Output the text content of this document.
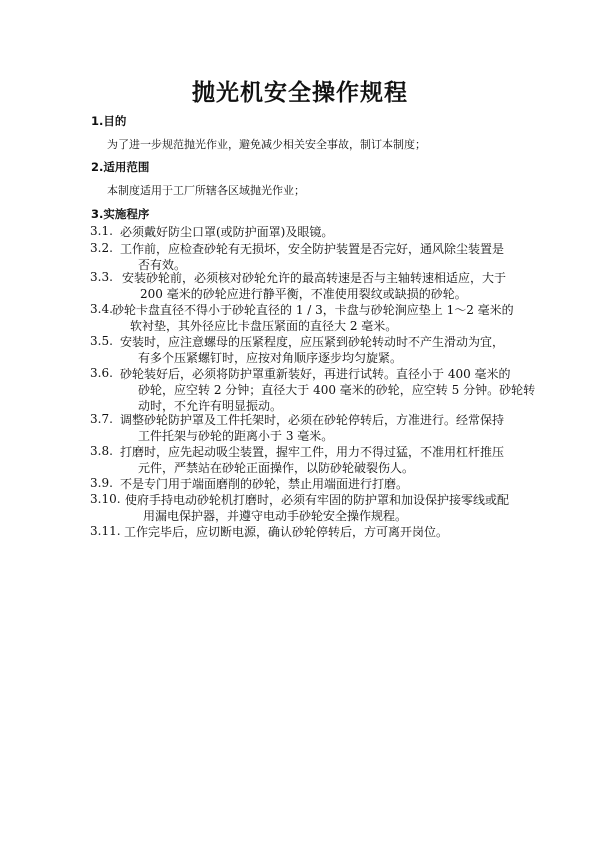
抛光机安全操作规程
1.目的
为了进一步规范抛光作业，避免减少相关安全事故，制订本制度；
2.适用范围
本制度适用于工厂所辖各区域抛光作业；
3.实施程序
3.1. 必须戴好防尘口罩(或防护面罩)及眼镜。
3.2. 工作前，应检查砂轮有无损坏，安全防护装置是否完好，通风除尘装置是
否有效。
3.3. 安装砂轮前，必须核对砂轮允许的最高转速是否与主轴转速相适应，大于
200 毫米的砂轮应进行静平衡，不准使用裂纹或缺损的砂轮。
3.4. 砂轮卡盘直径不得小于砂轮直径的 1 / 3，卡盘与砂轮涧应垫上 1～2 毫米的
软衬垫，其外径应比卡盘压紧面的直径大 2 毫米。
3.5. 安装时，应注意螺母的压紧程度，应压紧到砂轮转动时不产生滑动为宜，
有多个压紧螺钉时，应按对角顺序逐步均匀旋紧。
3.6. 砂轮装好后，必须将防护罩重新装好，再进行试转。直径小于 400 毫米的
砂轮，应空转 2 分钟；直径大于 400 毫米的砂轮，应空转 5 分钟。砂轮转
动时，不允许有明显振动。
3.7. 调整砂轮防护罩及工件托架时，必须在砂轮停转后，方准进行。经常保持
工件托架与砂轮的距离小于 3 毫米。
3.8. 打磨时，应先起动吸尘装置，握牢工件，用力不得过猛，不准用杠杆推压
元件，严禁站在砂轮正面操作，以防砂轮破裂伤人。
3.9. 不是专门用于端面磨削的砂轮，禁止用端面进行打磨。
3.10. 使府手持电动砂轮机打磨时，必须有牢固的防护罩和加设保护接零线或配
用漏电保护器，并遵守电动手砂轮安全操作规程。
3.11. 工作完毕后，应切断电源，确认砂轮停转后，方可离开岗位。
